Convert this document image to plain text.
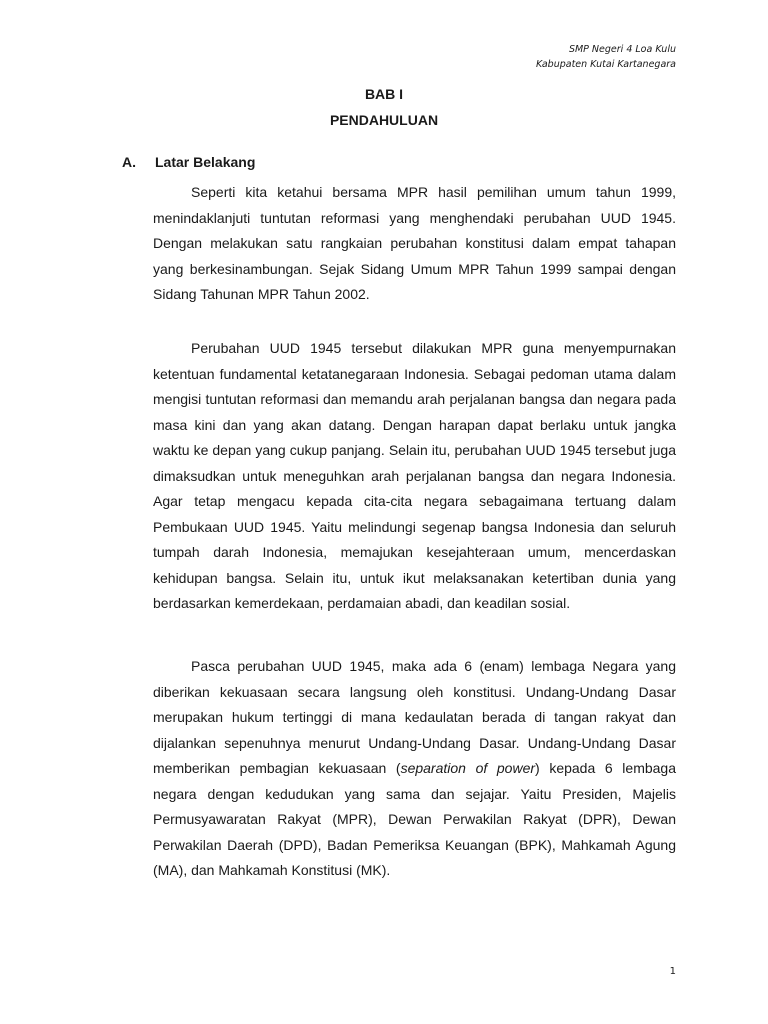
SMP Negeri 4 Loa Kulu
Kabupaten Kutai Kartanegara
BAB I
PENDAHULUAN
A. Latar Belakang

Seperti kita ketahui bersama MPR hasil pemilihan umum tahun 1999, menindaklanjuti tuntutan reformasi yang menghendaki perubahan UUD 1945. Dengan melakukan satu rangkaian perubahan konstitusi dalam empat tahapan yang berkesinambungan. Sejak Sidang Umum MPR Tahun 1999 sampai dengan Sidang Tahunan MPR Tahun 2002.

Perubahan UUD 1945 tersebut dilakukan MPR guna menyempurnakan ketentuan fundamental ketatanegaraan Indonesia. Sebagai pedoman utama dalam mengisi tuntutan reformasi dan memandu arah perjalanan bangsa dan negara pada masa kini dan yang akan datang. Dengan harapan dapat berlaku untuk jangka waktu ke depan yang cukup panjang. Selain itu, perubahan UUD 1945 tersebut juga dimaksudkan untuk meneguhkan arah perjalanan bangsa dan negara Indonesia. Agar tetap mengacu kepada cita-cita negara sebagaimana tertuang dalam Pembukaan UUD 1945. Yaitu melindungi segenap bangsa Indonesia dan seluruh tumpah darah Indonesia, memajukan kesejahteraan umum, mencerdaskan kehidupan bangsa. Selain itu, untuk ikut melaksanakan ketertiban dunia yang berdasarkan kemerdekaan, perdamaian abadi, dan keadilan sosial.

Pasca perubahan UUD 1945, maka ada 6 (enam) lembaga Negara yang diberikan kekuasaan secara langsung oleh konstitusi. Undang-Undang Dasar merupakan hukum tertinggi di mana kedaulatan berada di tangan rakyat dan dijalankan sepenuhnya menurut Undang-Undang Dasar. Undang-Undang Dasar memberikan pembagian kekuasaan (separation of power) kepada 6 lembaga negara dengan kedudukan yang sama dan sejajar. Yaitu Presiden, Majelis Permusyawaratan Rakyat (MPR), Dewan Perwakilan Rakyat (DPR), Dewan Perwakilan Daerah (DPD), Badan Pemeriksa Keuangan (BPK), Mahkamah Agung (MA), dan Mahkamah Konstitusi (MK).

1
